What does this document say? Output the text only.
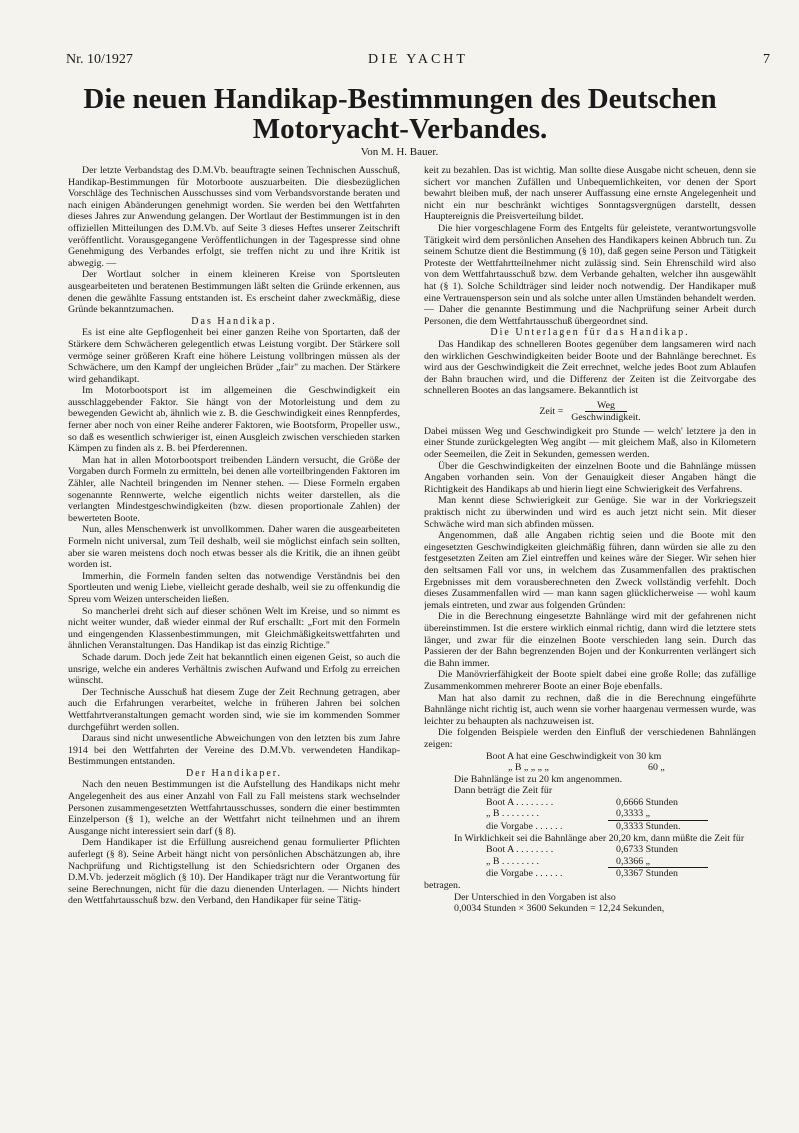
Nr. 10/1927	DIE YACHT	7
Die neuen Handikap-Bestimmungen des Deutschen Motoryacht-Verbandes.
Von M. H. Bauer.

Der letzte Verbandstag des D.M.Vb. beauftragte seinen Technischen Ausschuß, Handikap-Bestimmungen für Motorboote auszuarbeiten. Die diesbezüglichen Vorschläge des Technischen Ausschusses sind vom Verbandsvorstande beraten und nach einigen Abänderungen genehmigt worden. Sie werden bei den Wettfahrten dieses Jahres zur Anwendung gelangen. Der Wortlaut der Bestimmungen ist in den offiziellen Mitteilungen des D.M.Vb. auf Seite 3 dieses Heftes unserer Zeitschrift veröffentlicht. Vorausgegangene Veröffentlichungen in der Tagespresse sind ohne Genehmigung des Verbandes erfolgt, sie treffen nicht zu und ihre Kritik ist abwegig. —

Der Wortlaut solcher in einem kleineren Kreise von Sportsleuten ausgearbeiteten und beratenen Bestimmungen läßt selten die Gründe erkennen, aus denen die gewählte Fassung entstanden ist. Es erscheint daher zweckmäßig, diese Gründe bekanntzumachen.

Das Handikap.

Es ist eine alte Gepflogenheit bei einer ganzen Reihe von Sportarten, daß der Stärkere dem Schwächeren gelegentlich etwas Leistung vorgibt. Der Stärkere soll vermöge seiner größeren Kraft eine höhere Leistung vollbringen müssen als der Schwächere, um den Kampf der ungleichen Brüder „fair" zu machen. Der Stärkere wird gehandikapt.

Im Motorbootsport ist im allgemeinen die Geschwindigkeit ein ausschlaggebender Faktor. Sie hängt von der Motorleistung und dem zu bewegenden Gewicht ab, ähnlich wie z. B. die Geschwindigkeit eines Rennpferdes, ferner aber noch von einer Reihe anderer Faktoren, wie Bootsform, Propeller usw., so daß es wesentlich schwieriger ist, einen Ausgleich zwischen verschieden starken Kämpen zu finden als z. B. bei Pferderennen.

Man hat in allen Motorbootsport treibenden Ländern versucht, die Größe der Vorgaben durch Formeln zu ermitteln, bei denen alle vorteilbringenden Faktoren im Zähler, alle Nachteil bringenden im Nenner stehen. — Diese Formeln ergaben sogenannte Rennwerte, welche eigentlich nichts weiter darstellen, als die verlangten Mindestgeschwindigkeiten (bzw. diesen proportionale Zahlen) der bewerteten Boote.

Nun, alles Menschenwerk ist unvollkommen. Daher waren die ausgearbeiteten Formeln nicht universal, zum Teil deshalb, weil sie möglichst einfach sein sollten, aber sie waren meistens doch noch etwas besser als die Kritik, die an ihnen geübt worden ist.

Immerhin, die Formeln fanden selten das notwendige Verständnis bei den Sportleuten und wenig Liebe, vielleicht gerade deshalb, weil sie zu offenkundig die Spreu vom Weizen unterscheiden ließen.

So mancherlei dreht sich auf dieser schönen Welt im Kreise, und so nimmt es nicht weiter wunder, daß wieder einmal der Ruf erschallt: „Fort mit den Formeln und eingengenden Klassenbestimmungen, mit Gleichmäßigkeitswettfahrten und ähnlichen Veranstaltungen. Das Handikap ist das einzig Richtige."

Schade darum. Doch jede Zeit hat bekanntlich einen eigenen Geist, so auch die unsrige, welche ein anderes Verhältnis zwischen Aufwand und Erfolg zu erreichen wünscht.

Der Technische Ausschuß hat diesem Zuge der Zeit Rechnung getragen, aber auch die Erfahrungen verarbeitet, welche in früheren Jahren bei solchen Wettfahrtveranstaltungen gemacht worden sind, wie sie im kommenden Sommer durchgeführt werden sollen.

Daraus sind nicht unwesentliche Abweichungen von den letzten bis zum Jahre 1914 bei den Wettfahrten der Vereine des D.M.Vb. verwendeten Handikap-Bestimmungen entstanden.

Der Handikaper.

Nach den neuen Bestimmungen ist die Aufstellung des Handikaps nicht mehr Angelegenheit des aus einer Anzahl von Fall zu Fall meistens stark wechselnder Personen zusammengesetzten Wettfahrtausschusses, sondern die einer bestimmten Einzelperson (§ 1), welche an der Wettfahrt nicht teilnehmen und an ihrem Ausgange nicht interessiert sein darf (§ 8).

Dem Handikaper ist die Erfüllung ausreichend genau formulierter Pflichten auferlegt (§ 8). Seine Arbeit hängt nicht von persönlichen Abschätzungen ab, ihre Nachprüfung und Richtigstellung ist den Schiedsrichtern oder Organen des D.M.Vb. jederzeit möglich (§ 10). Der Handikaper trägt nur die Verantwortung für seine Berechnungen, nicht für die dazu dienenden Unterlagen. — Nichts hindert den Wettfahrtausschuß bzw. den Verband, den Handikaper für seine Tätig-

keit zu bezahlen. Das ist wichtig. Man sollte diese Ausgabe nicht scheuen, denn sie sichert vor manchen Zufällen und Unbequemlichkeiten, vor denen der Sport bewahrt bleiben muß, der nach unserer Auffassung eine ernste Angelegenheit und nicht ein nur beschränkt wichtiges Sonntagsvergnügen darstellt, dessen Hauptereignis die Preisverteilung bildet.

Die hier vorgeschlagene Form des Entgelts für geleistete, verantwortungsvolle Tätigkeit wird dem persönlichen Ansehen des Handikapers keinen Abbruch tun. Zu seinem Schutze dient die Bestimmung (§ 10), daß gegen seine Person und Tätigkeit Proteste der Wettfahrtteilnehmer nicht zulässig sind. Sein Ehrenschild wird also von dem Wettfahrtausschuß bzw. dem Verbande gehalten, welcher ihn ausgewählt hat (§ 1). Solche Schildträger sind leider noch notwendig. Der Handikaper muß eine Vertrauensperson sein und als solche unter allen Umständen behandelt werden. — Daher die genannte Bestimmung und die Nachprüfung seiner Arbeit durch Personen, die dem Wettfahrtausschuß übergeordnet sind.

Die Unterlagen für das Handikap.

Das Handikap des schnelleren Bootes gegenüber dem langsameren wird nach den wirklichen Geschwindigkeiten beider Boote und der Bahnlänge berechnet. Es wird aus der Geschwindigkeit die Zeit errechnet, welche jedes Boot zum Ablaufen der Bahn brauchen wird, und die Differenz der Zeiten ist die Zeitvorgabe des schnelleren Bootes an das langsamere. Bekanntlich ist

Zeit = $\frac{\text{Weg}}{\text{Geschwindigkeit.}}$

Dabei müssen Weg und Geschwindigkeit pro Stunde — welch' letztere ja den in einer Stunde zurückgelegten Weg angibt — mit gleichem Maß, also in Kilometern oder Seemeilen, die Zeit in Sekunden, gemessen werden.

Über die Geschwindigkeiten der einzelnen Boote und die Bahnlänge müssen Angaben vorhanden sein. Von der Genauigkeit dieser Angaben hängt die Richtigkeit des Handikaps ab und hierin liegt eine Schwierigkeit des Verfahrens.

Man kennt diese Schwierigkeit zur Genüge. Sie war in der Vorkriegszeit praktisch nicht zu überwinden und wird es auch jetzt nicht sein. Mit dieser Schwäche wird man sich abfinden müssen.

Angenommen, daß alle Angaben richtig seien und die Boote mit den eingesetzten Geschwindigkeiten gleichmäßig führen, dann würden sie alle zu den festgesetzten Zeiten am Ziel eintreffen und keines wäre der Sieger. Wir sehen hier den seltsamen Fall vor uns, in welchem das Zusammenfallen des praktischen Ergebnisses mit dem vorausberechneten den Zweck vollständig verfehlt. Doch dieses Zusammenfallen wird — man kann sagen glücklicherweise — wohl kaum jemals eintreten, und zwar aus folgenden Gründen:

Die in die Berechnung eingesetzte Bahnlänge wird mit der gefahrenen nicht übereinstimmen. Ist die erstere wirklich einmal richtig, dann wird die letztere stets länger, und zwar für die einzelnen Boote verschieden lang sein. Durch das Passieren der der Bahn begrenzenden Bojen und der Konkurrenten verlängert sich die Bahn immer.

Die Manövrierfähigkeit der Boote spielt dabei eine große Rolle; das zufällige Zusammenkommen mehrerer Boote an einer Boje ebenfalls.

Man hat also damit zu rechnen, daß die in die Berechnung eingeführte Bahnlänge nicht richtig ist, auch wenn sie vorher haargenau vermessen wurde, was leichter zu behaupten als nachzuweisen ist.

Die folgenden Beispiele werden den Einfluß der verschiedenen Bahnlängen zeigen:

Boot A hat eine Geschwindigkeit von 30 km
„ B „ „ „ „	60 „
Die Bahnlänge ist zu 20 km angenommen.
Dann beträgt die Zeit für
Boot A . . . . . . . .	0,6666 Stunden
„ B . . . . . . . .	0,3333 „
die Vorgabe . . . . . .	0,3333 Stunden.
In Wirklichkeit sei die Bahnlänge aber 20,20 km, dann müßte die Zeit für
Boot A . . . . . . . .	0,6733 Stunden
„ B . . . . . . . .	0,3366 „
die Vorgabe . . . . . .	0,3367 Stunden
betragen.
Der Unterschied in den Vorgaben ist also
0,0034 Stunden × 3600 Sekunden = 12,24 Sekunden,
